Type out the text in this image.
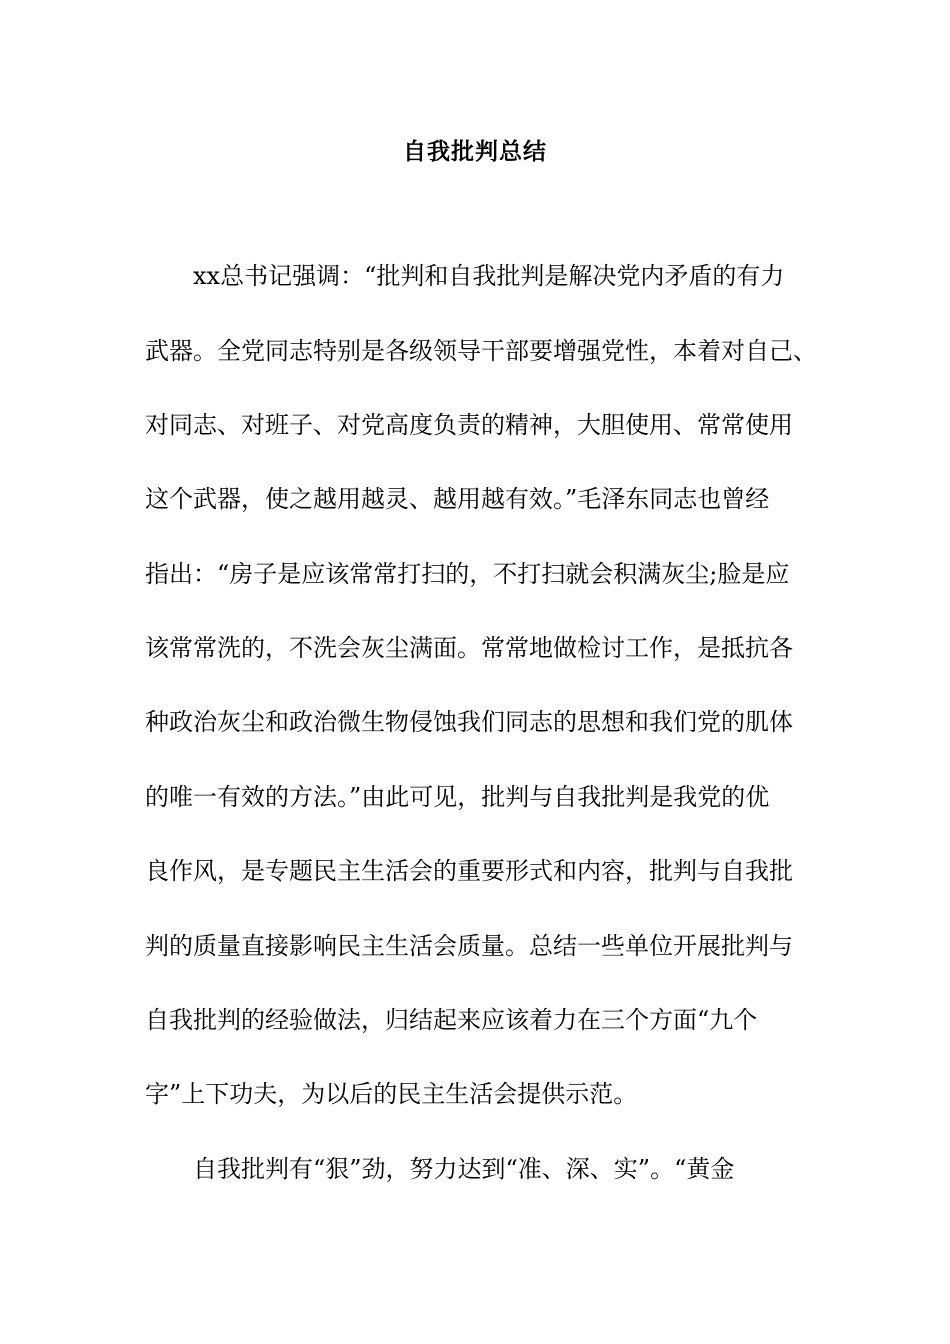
自我批判总结
xx总书记强调：“批判和自我批判是解决党内矛盾的有力
武器。全党同志特别是各级领导干部要增强党性，本着对自己、
对同志、对班子、对党高度负责的精神，大胆使用、常常使用
这个武器，使之越用越灵、越用越有效。”毛泽东同志也曾经
指出：“房子是应该常常打扫的，不打扫就会积满灰尘;脸是应
该常常洗的，不洗会灰尘满面。常常地做检讨工作，是抵抗各
种政治灰尘和政治微生物侵蚀我们同志的思想和我们党的肌体
的唯一有效的方法。”由此可见，批判与自我批判是我党的优
良作风，是专题民主生活会的重要形式和内容，批判与自我批
判的质量直接影响民主生活会质量。总结一些单位开展批判与
自我批判的经验做法，归结起来应该着力在三个方面“九个
字”上下功夫，为以后的民主生活会提供示范。
自我批判有“狠”劲，努力达到“准、深、实”。“黄金
